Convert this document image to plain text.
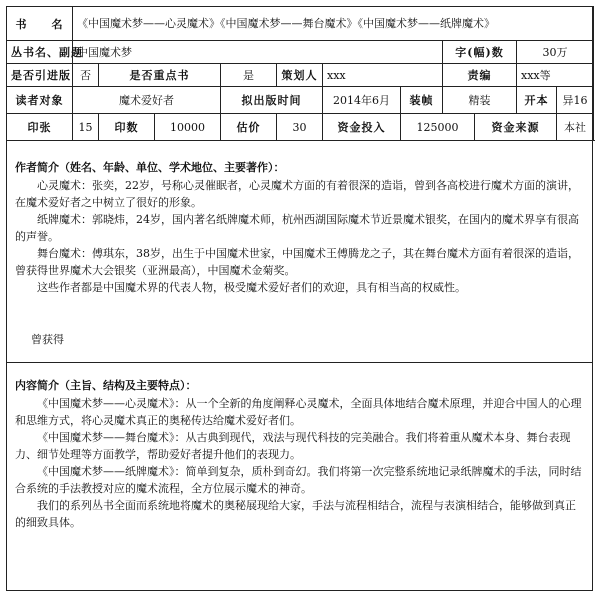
书　　名	《中国魔术梦——心灵魔术》《中国魔术梦——舞台魔术》《中国魔术梦——纸牌魔术》										
丛书名、副题	中国魔术梦							字(幅)数		30万	
是否引进版	否	是否重点书		是	策划人	xxx		责编		xxx等	
读者对象	魔术爱好者			拟出版时间		2014年6月	装帧	精装		开本	异16
印张	15	印数	10000	估价	30	资金投入	125000		资金来源		本社
作者简介（姓名、年龄、单位、学术地位、主要著作）：

心灵魔术：张奕，22岁，号称心灵催眠者，心灵魔术方面的有着很深的造诣，曾到各高校进行魔术方面的演讲，在魔术爱好者之中树立了很好的形象。

纸牌魔术：郭晓炜，24岁，国内著名纸牌魔术师，杭州西湖国际魔术节近景魔术银奖，在国内的魔术界享有很高的声誉。

舞台魔术：傅琪东，38岁，出生于中国魔术世家，中国魔术王傅腾龙之子，其在舞台魔术方面有着很深的造诣，曾获得世界魔术大会银奖（亚洲最高），中国魔术金菊奖。

这些作者都是中国魔术界的代表人物，极受魔术爱好者们的欢迎，具有相当高的权威性。

曾获得
内容简介（主旨、结构及主要特点）：

《中国魔术梦——心灵魔术》：从一个全新的角度阐释心灵魔术，全面具体地结合魔术原理，并迎合中国人的心理和思维方式，将心灵魔术真正的奥秘传达给魔术爱好者们。

《中国魔术梦——舞台魔术》：从古典到现代，戏法与现代科技的完美融合。我们将着重从魔术本身、舞台表现力、细节处理等方面教学，帮助爱好者提升他们的表现力。

《中国魔术梦——纸牌魔术》：简单到复杂，质朴到奇幻。我们将第一次完整系统地记录纸牌魔术的手法，同时结合系统的手法教授对应的魔术流程，全方位展示魔术的神奇。

我们的系列丛书全面而系统地将魔术的奥秘展现给大家，手法与流程相结合，流程与表演相结合，能够做到真正的细致具体。
